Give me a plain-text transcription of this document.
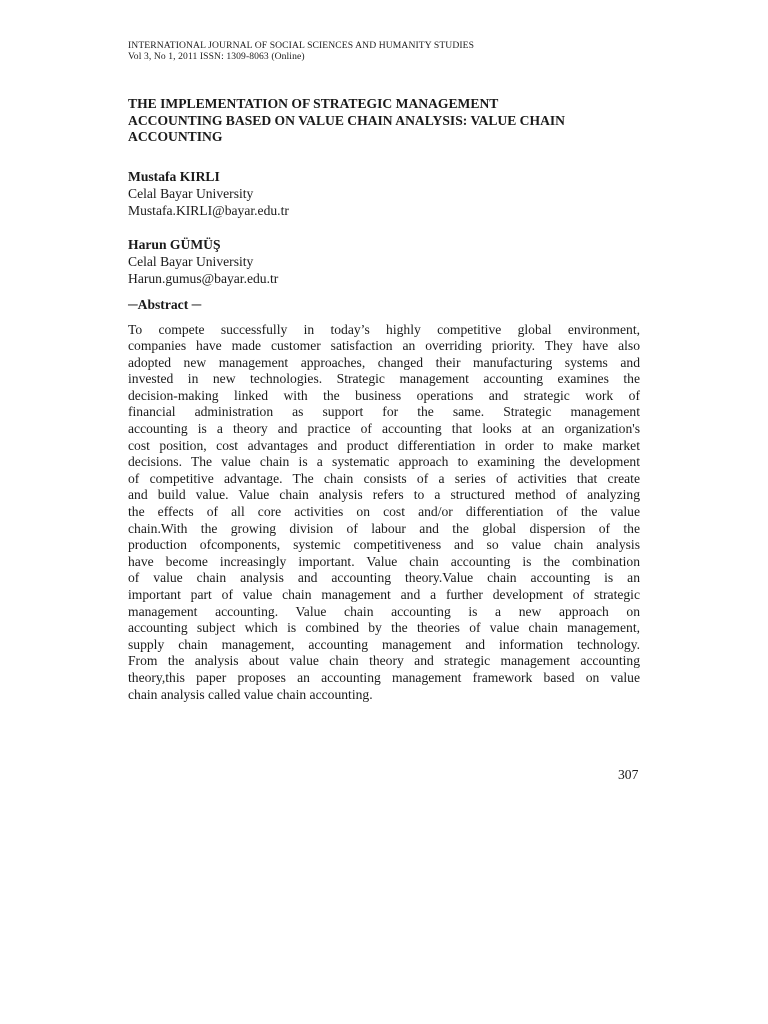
INTERNATIONAL JOURNAL OF SOCIAL SCIENCES AND HUMANITY STUDIES
Vol 3, No 1, 2011 ISSN: 1309-8063 (Online)
THE IMPLEMENTATION OF STRATEGIC MANAGEMENT
ACCOUNTING BASED ON VALUE CHAIN ANALYSIS: VALUE CHAIN
ACCOUNTING
Mustafa KIRLI
Celal Bayar University
Mustafa.KIRLI@bayar.edu.tr
Harun GÜMÜŞ
Celal Bayar University
Harun.gumus@bayar.edu.tr
─Abstract ─
To compete successfully in today’s highly competitive global environment,
companies have made customer satisfaction an overriding priority. They have also
adopted new management approaches, changed their manufacturing systems and
invested in new technologies. Strategic management accounting examines the
decision-making linked with the business operations and strategic work of
financial administration as support for the same. Strategic management
accounting is a theory and practice of accounting that looks at an organization's
cost position, cost advantages and product differentiation in order to make market
decisions. The value chain is a systematic approach to examining the development
of competitive advantage. The chain consists of a series of activities that create
and build value. Value chain analysis refers to a structured method of analyzing
the effects of all core activities on cost and/or differentiation of the value
chain.With the growing division of labour and the global dispersion of the
production ofcomponents, systemic competitiveness and so value chain analysis
have become increasingly important. Value chain accounting is the combination
of value chain analysis and accounting theory.Value chain accounting is an
important part of value chain management and a further development of strategic
management accounting. Value chain accounting is a new approach on
accounting subject which is combined by the theories of value chain management,
supply chain management, accounting management and information technology.
From the analysis about value chain theory and strategic management accounting
theory,this paper proposes an accounting management framework based on value
chain analysis called value chain accounting.
307
